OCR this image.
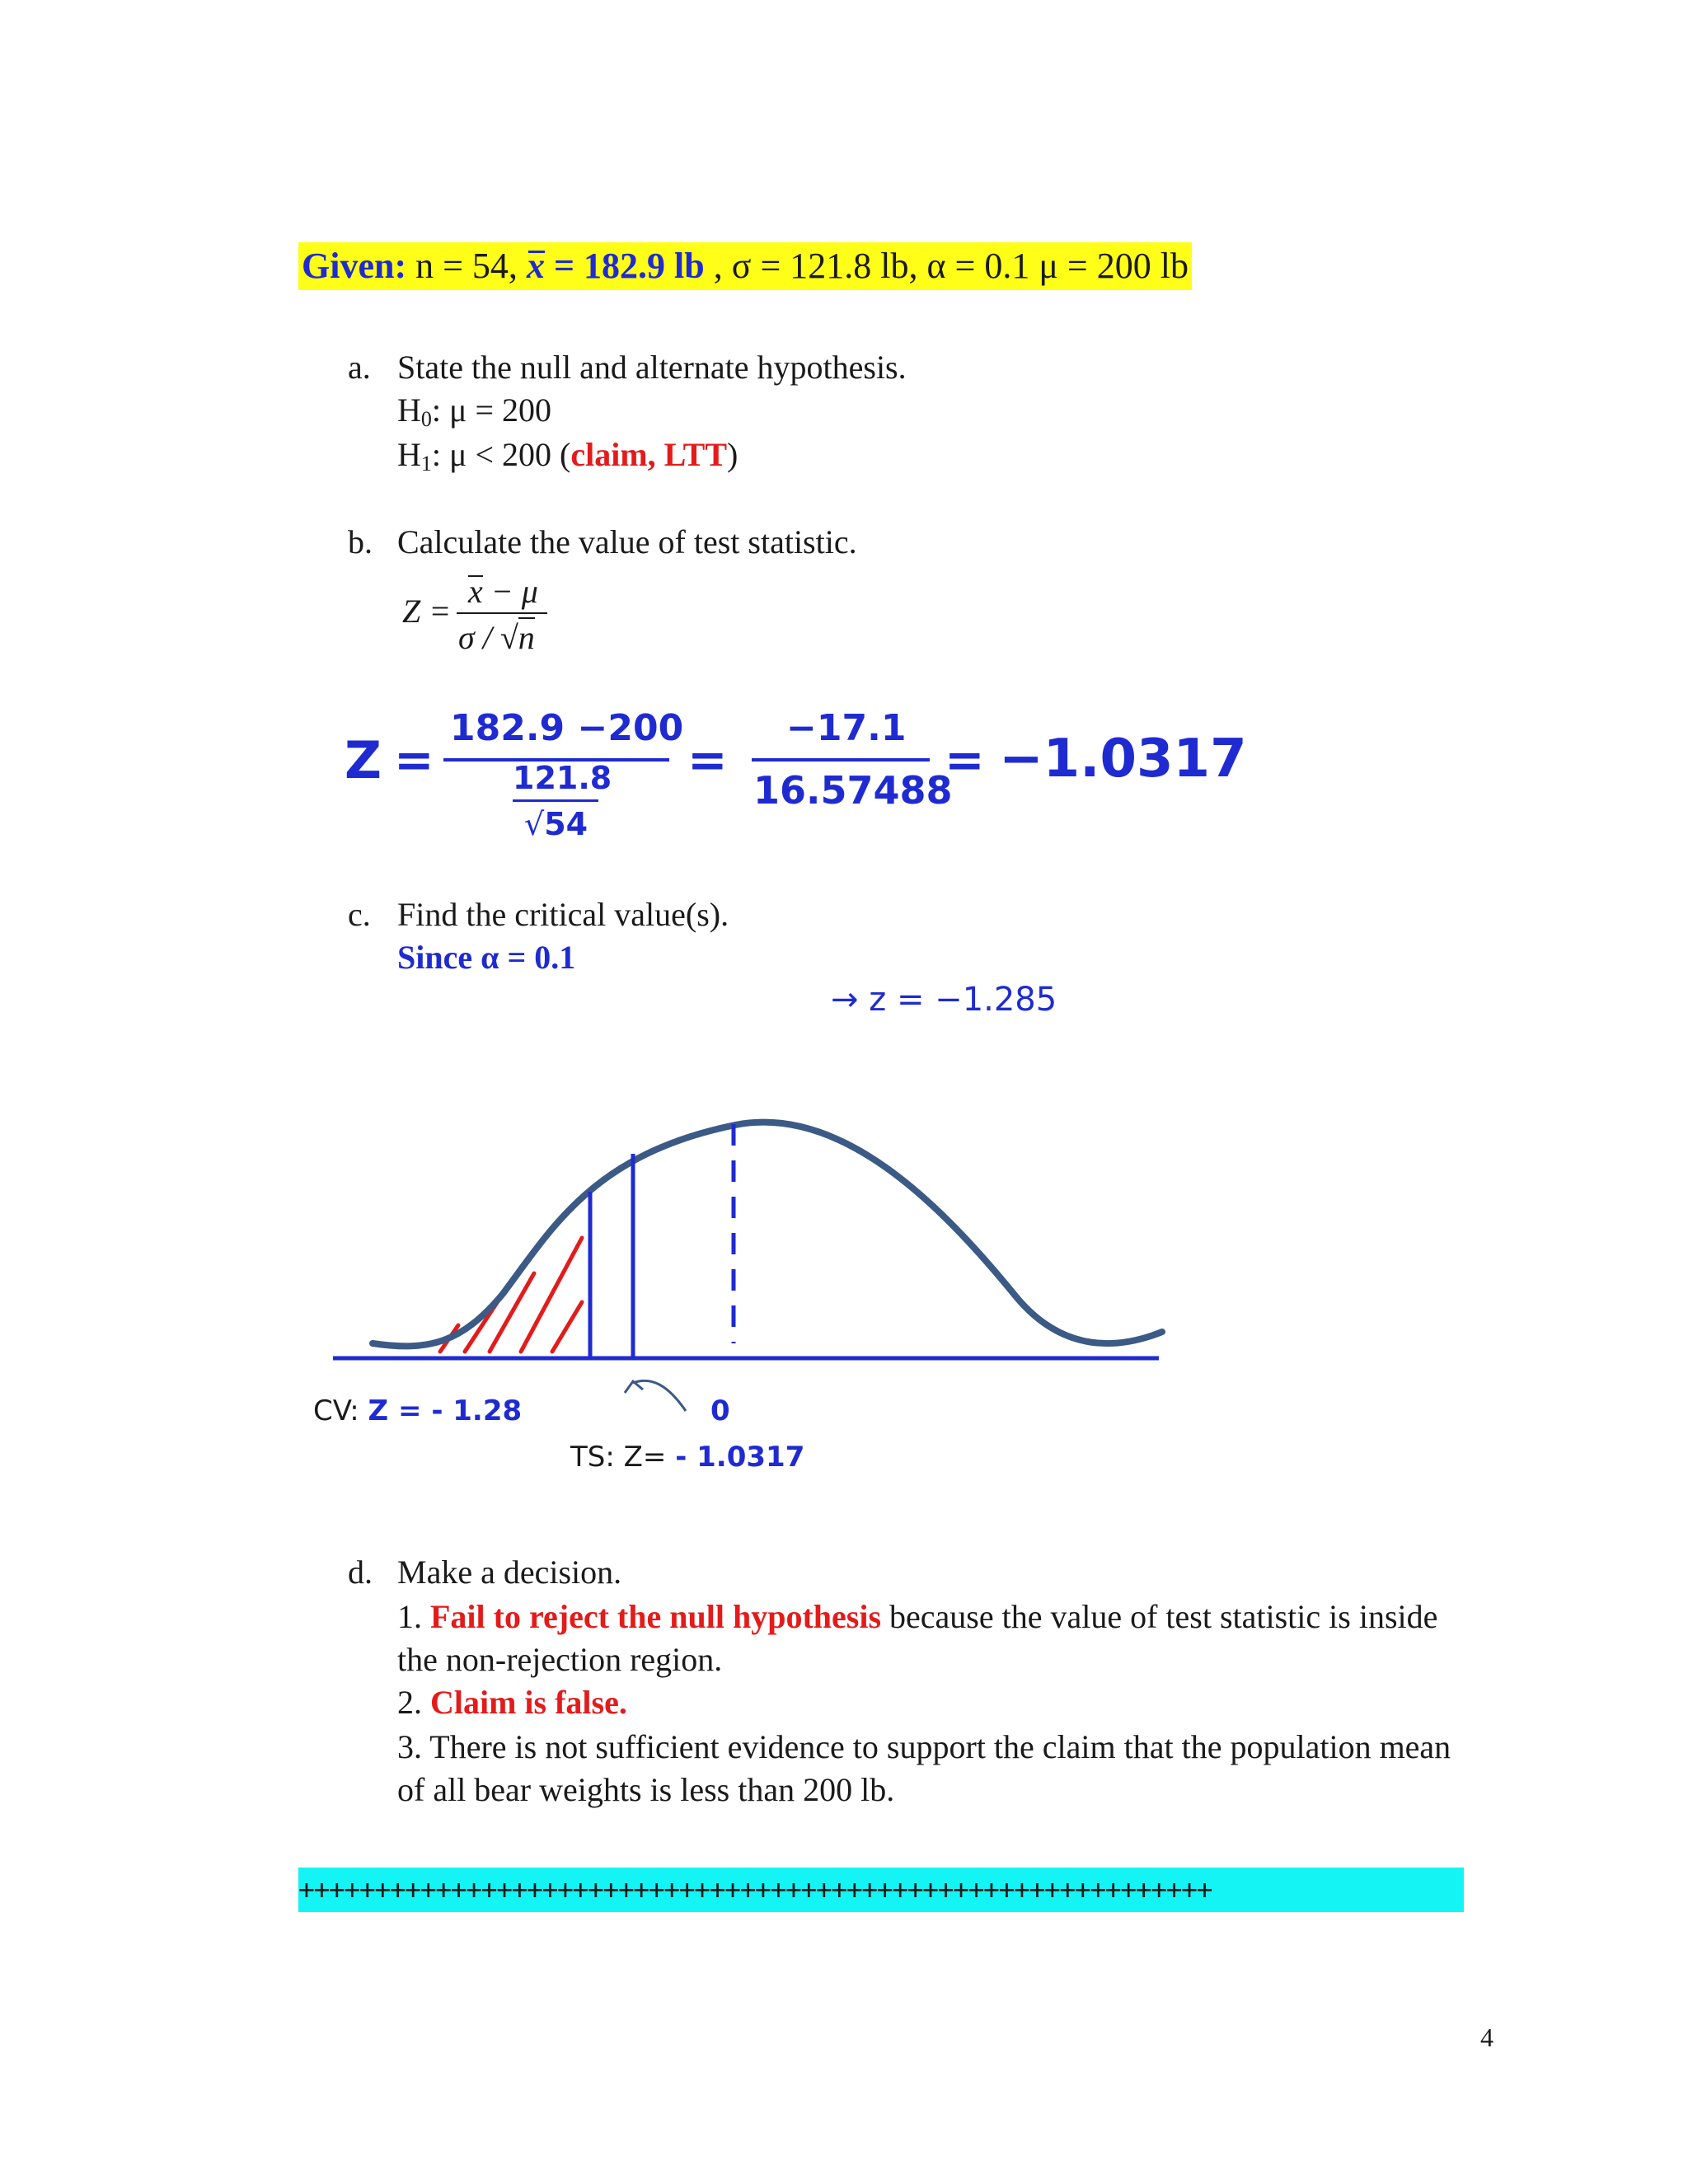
Given: n = 54, x = 182.9 lb , σ = 121.8 lb, α = 0.1 μ = 200 lb
a. State the null and alternate hypothesis.
$H_0$: μ = 200
$H_1$: μ < 200 (claim, LTT)
b. Calculate the value of test statistic.
Z =
x − μ
σ / √n
Z =
182.9 −200
121.8
√54
=
−17.1
16.57488
= −1.0317
c. Find the critical value(s).
Since α = 0.1
→ z = −1.285
CV: Z = - 1.28	0
TS: Z= - 1.0317
d. Make a decision.
1. Fail to reject the null hypothesis because the value of test statistic is inside
the non-rejection region.
2. Claim is false.
3. There is not sufficient evidence to support the claim that the population mean
of all bear weights is less than 200 lb.
++++++++++++++++++++++++++++++++++++++++++++++++++++++++++++
4
